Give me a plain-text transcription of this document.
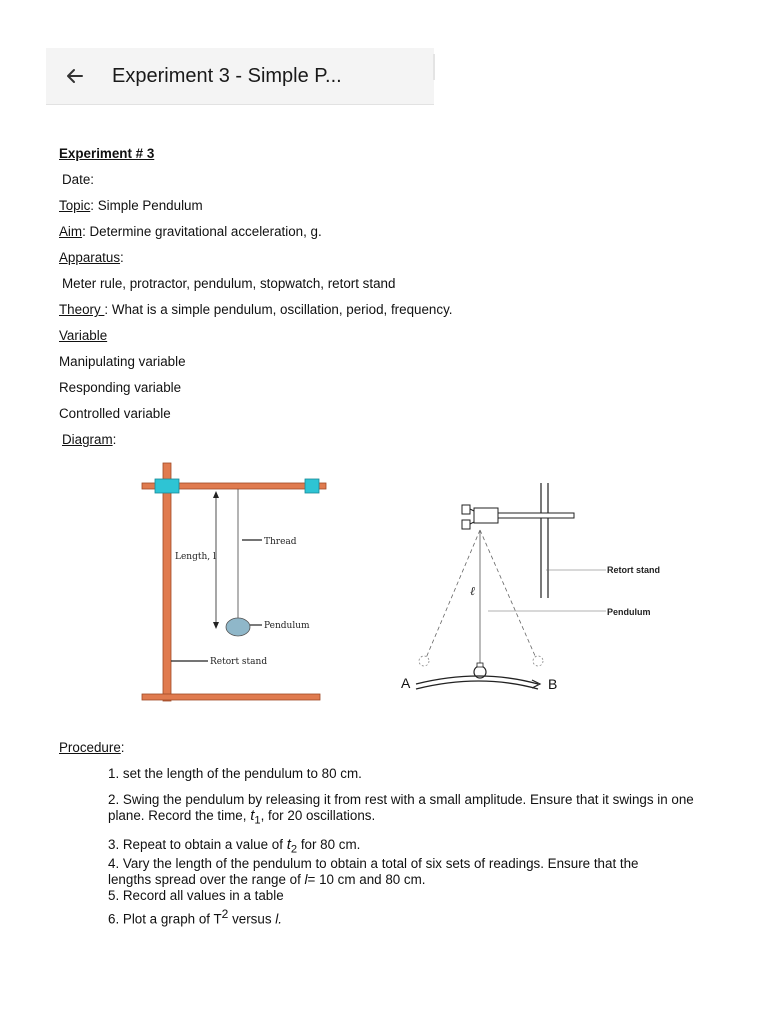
Experiment 3 - Simple P...
Experiment # 3
Date:
Topic: Simple Pendulum
Aim: Determine gravitational acceleration, g.
Apparatus:
Meter rule, protractor, pendulum, stopwatch, retort stand
Theory : What is a simple pendulum, oscillation, period, frequency.
Variable
Manipulating variable
Responding variable
Controlled variable
Diagram:
Procedure:
Thread
Length, l
Pendulum
Retort stand
Retort stand
Pendulum
ℓ
A	B
1. set the length of the pendulum to 80 cm.
2. Swing the pendulum by releasing it from rest with a small amplitude. Ensure that it swings in one plane. Record the time, $t_1$, for 20 oscillations.
3. Repeat to obtain a value of $t_2$ for 80 cm.
4. Vary the length of the pendulum to obtain a total of six sets of readings. Ensure that the
lengths spread over the range of l= 10 cm and 80 cm.
5. Record all values in a table
6. Plot a graph of $T^2$ versus l.
